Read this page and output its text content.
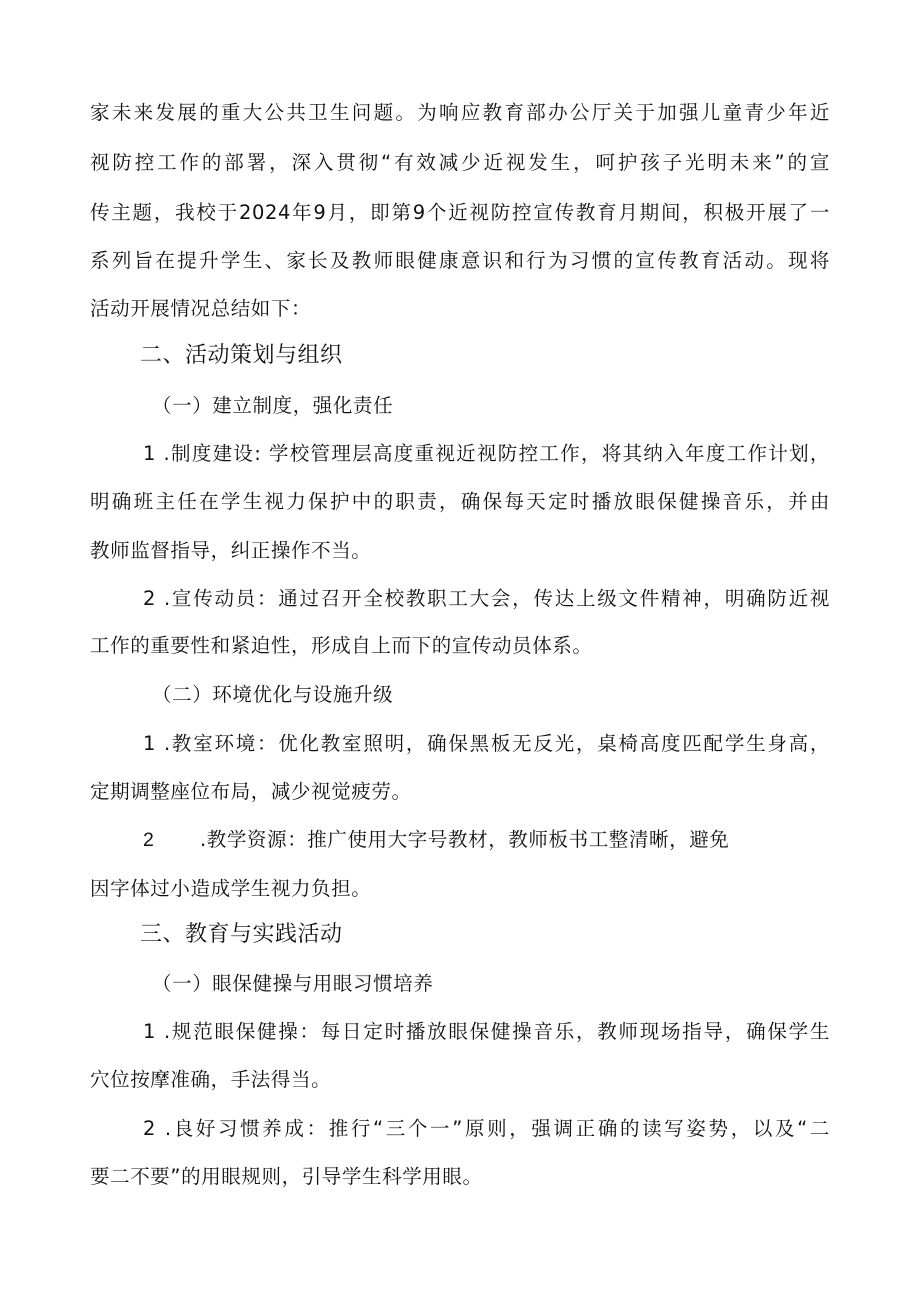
家未来发展的重大公共卫生问题。为响应教育部办公厅关于加强儿童青少年近
视防控工作的部署，深入贯彻“有效减少近视发生，呵护孩子光明未来”的宣
传主题，我校于2024年9月，即第9个近视防控宣传教育月期间，积极开展了一
系列旨在提升学生、家长及教师眼健康意识和行为习惯的宣传教育活动。现将
活动开展情况总结如下：
二、活动策划与组织
（一）建立制度，强化责任
1 .制度建设: 学校管理层高度重视近视防控工作，将其纳入年度工作计划，
明确班主任在学生视力保护中的职责，确保每天定时播放眼保健操音乐，并由
教师监督指导，纠正操作不当。
2 .宣传动员：通过召开全校教职工大会，传达上级文件精神，明确防近视
工作的重要性和紧迫性，形成自上而下的宣传动员体系。
（二）环境优化与设施升级
1 .教室环境：优化教室照明，确保黑板无反光，桌椅高度匹配学生身高，
定期调整座位布局，减少视觉疲劳。
2 .教学资源：推广使用大字号教材，教师板书工整清晰，避免
因字体过小造成学生视力负担。
三、教育与实践活动
（一）眼保健操与用眼习惯培养
1 .规范眼保健操：每日定时播放眼保健操音乐，教师现场指导，确保学生
穴位按摩准确，手法得当。
2 .良好习惯养成：推行“三个一”原则，强调正确的读写姿势，以及“二
要二不要”的用眼规则，引导学生科学用眼。
